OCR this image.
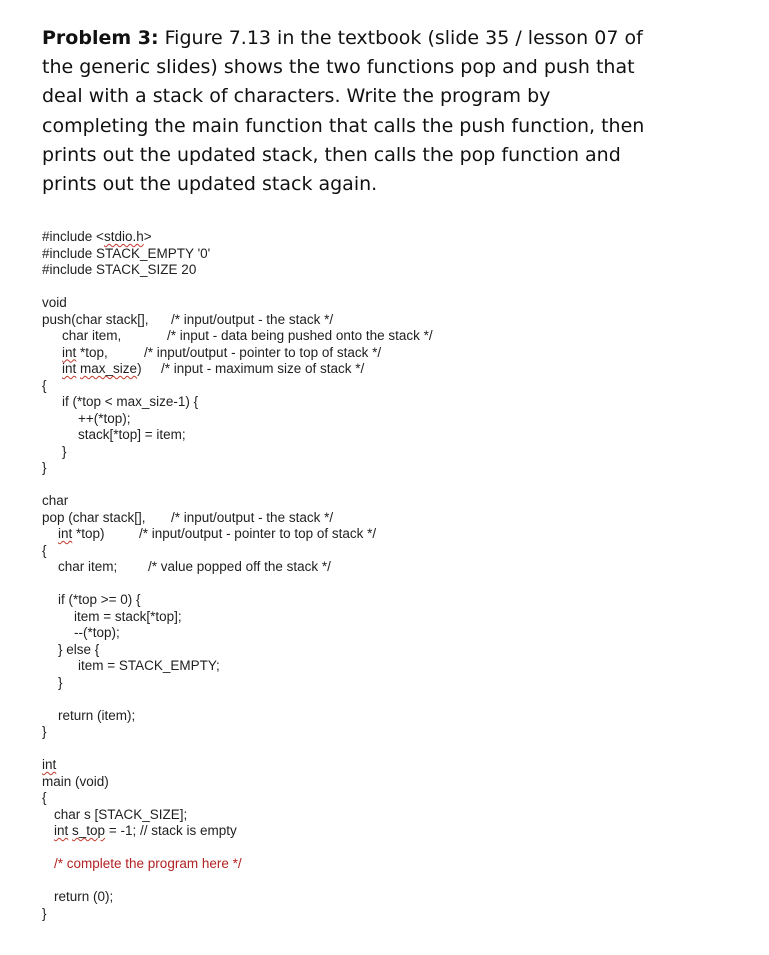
Problem 3: Figure 7.13 in the textbook (slide 35 / lesson 07 of
the generic slides) shows the two functions pop and push that
deal with a stack of characters. Write the program by
completing the main function that calls the push function, then
prints out the updated stack, then calls the pop function and
prints out the updated stack again.
#include <stdio.h>
#include STACK_EMPTY '0'
#include STACK_SIZE 20
void
push(char stack[], /* input/output - the stack */
char item,	/* input - data being pushed onto the stack */
int *top,	/* input/output - pointer to top of stack */
int max_size) /* input - maximum size of stack */
{
if (*top < max_size-1) {
++(*top);
stack[*top] = item;
}
}
char
pop (char stack[], /* input/output - the stack */
int *top)	/* input/output - pointer to top of stack */
{
char item; /* value popped off the stack */
if (*top >= 0) {
item = stack[*top];
--(*top);
} else {
item = STACK_EMPTY;
}
return (item);
}
int
main (void)
{
char s [STACK_SIZE];
int s_top = -1; // stack is empty
/* complete the program here */
return (0);
}
